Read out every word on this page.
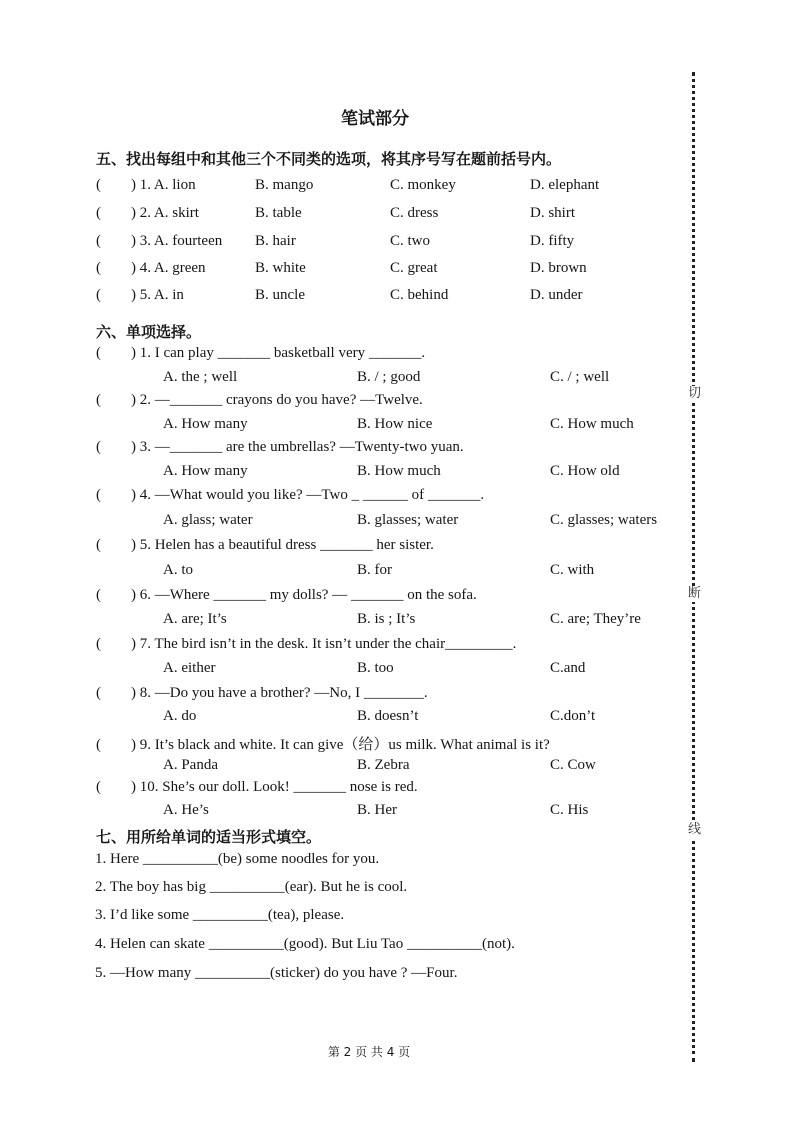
笔试部分
五、找出每组中和其他三个不同类的选项，将其序号写在题前括号内。
( ) 1. A. lion	B. mango	C. monkey	D. elephant
( ) 2. A. skirt	B. table	C. dress	D. shirt
( ) 3. A. fourteen B. hair	C. two	D. fifty
( ) 4. A. green	B. white	C. great	D. brown
( ) 5. A. in	B. uncle	C. behind	D. under
六、单项选择。
( ) 1. I can play _______ basketball very _______.
A. the ; well	B. / ; good	C. / ; well
( ) 2. —_______ crayons do you have? —Twelve.
A. How many	B. How nice	C. How much
( ) 3. —_______ are the umbrellas? —Twenty-two yuan.
A. How many	B. How much	C. How old
( ) 4. —What would you like? —Two _ ______ of _______.
A. glass; water	B. glasses; water	C. glasses; waters
( ) 5. Helen has a beautiful dress _______ her sister.
A. to	B. for	C. with
( ) 6. —Where _______ my dolls? — _______ on the sofa.
A. are; It’s	B. is ; It’s	C. are; They’re
( ) 7. The bird isn’t in the desk. It isn’t under the chair_________.
A. either	B. too	C.and
( ) 8. —Do you have a brother? —No, I ________.
A. do	B. doesn’t	C.don’t
( ) 9. It’s black and white. It can give（给）us milk. What animal is it?
A. Panda	B. Zebra	C. Cow
( ) 10. She’s our doll. Look! _______ nose is red.
A. He’s	B. Her	C. His
七、用所给单词的适当形式填空。
1. Here __________(be) some noodles for you.
2. The boy has big __________(ear). But he is cool.
3. I’d like some __________(tea), please.
4. Helen can skate __________(good). But Liu Tao __________(not).
5. —How many __________(sticker) do you have ? —Four.
第 2 页 共 4 页
切
断
线
